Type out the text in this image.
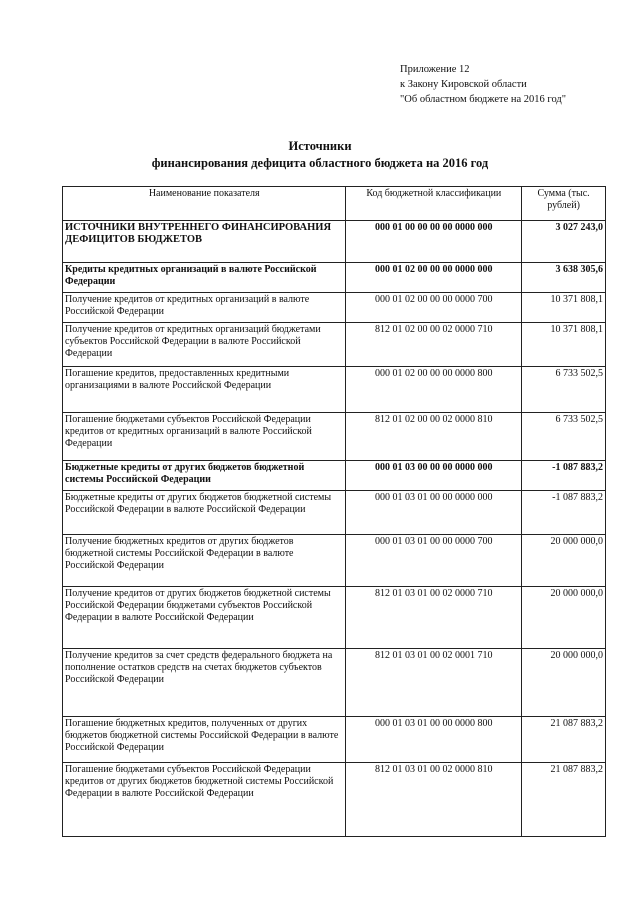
Приложение 12
к Закону Кировской области
"Об областном бюджете на 2016 год"
Источники
финансирования дефицита областного бюджета на 2016 год
Наименование показателя	Код бюджетной классификации	Сумма (тыс. рублей)
ИСТОЧНИКИ ВНУТРЕННЕГО ФИНАНСИРОВАНИЯ ДЕФИЦИТОВ БЮДЖЕТОВ	000 01 00 00 00 00 0000 000	3 027 243,0
Кредиты кредитных организаций в валюте Российской Федерации	000 01 02 00 00 00 0000 000	3 638 305,6
Получение кредитов от кредитных организаций в валюте Российской Федерации	000 01 02 00 00 00 0000 700	10 371 808,1
Получение кредитов от кредитных организаций бюджетами субъектов Российской Федерации в валюте Российской Федерации	812 01 02 00 00 02 0000 710	10 371 808,1
Погашение кредитов, предоставленных кредитными организациями в валюте Российской Федерации	000 01 02 00 00 00 0000 800	6 733 502,5
Погашение бюджетами субъектов Российской Федерации кредитов от кредитных организаций в валюте Российской Федерации	812 01 02 00 00 02 0000 810	6 733 502,5
Бюджетные кредиты от других бюджетов бюджетной системы Российской Федерации	000 01 03 00 00 00 0000 000	-1 087 883,2
Бюджетные кредиты от других бюджетов бюджетной системы Российской Федерации в валюте Российской Федерации	000 01 03 01 00 00 0000 000	-1 087 883,2
Получение бюджетных кредитов от других бюджетов бюджетной системы Российской Федерации в валюте Российской Федерации	000 01 03 01 00 00 0000 700	20 000 000,0
Получение кредитов от других бюджетов бюджетной системы Российской Федерации бюджетами субъектов Российской Федерации в валюте Российской Федерации	812 01 03 01 00 02 0000 710	20 000 000,0
Получение кредитов за счет средств федерального бюджета на пополнение остатков средств на счетах бюджетов субъектов Российской Федерации	812 01 03 01 00 02 0001 710	20 000 000,0
Погашение бюджетных кредитов, полученных от других бюджетов бюджетной системы Российской Федерации в валюте Российской Федерации	000 01 03 01 00 00 0000 800	21 087 883,2
Погашение бюджетами субъектов Российской Федерации кредитов от других бюджетов бюджетной системы Российской Федерации в валюте Российской Федерации	812 01 03 01 00 02 0000 810	21 087 883,2
